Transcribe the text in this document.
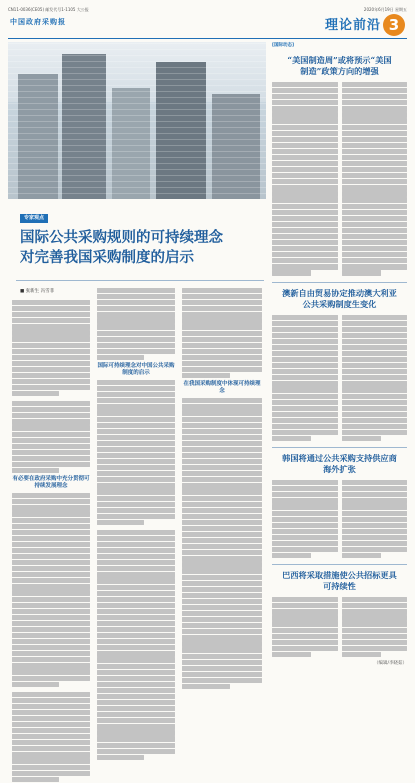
CN11-0036(CE05) 邮发代号1-1105 大公报	2020年6月19日 星期五
中国政府采购报	理论前沿 3
专家观点
国际公共采购规则的可持续理念
对完善我国采购制度的启示
■ 张新生 冯雪菲
有必要在政府采购中充分贯彻可持续发展理念
国际可持续理念对中国公共采购制度的启示
在我国采购制度中体现可持续理念
[国际动态]
“美国制造周”或将预示“美国
制造”政策方向的增强
澳新自由贸易协定推动澳大利亚
公共采购制度生变化
韩国将通过公共采购支持供应商
海外扩张
巴西将采取措施使公共招标更具
可持续性
（编辑/李晓茹）
